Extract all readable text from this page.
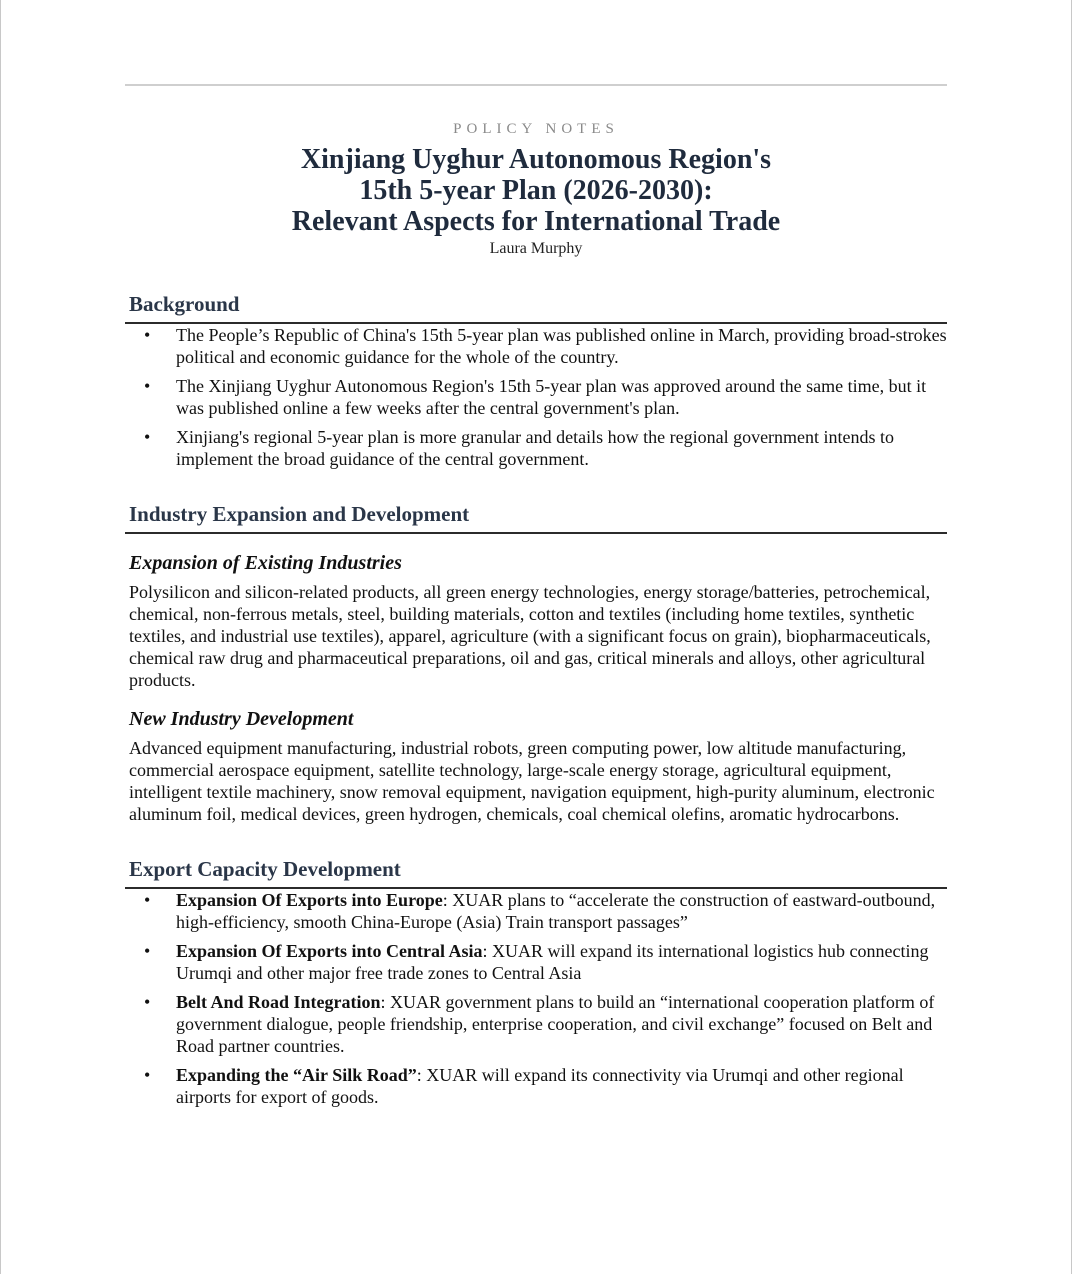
POLICY NOTES
Xinjiang Uyghur Autonomous Region's
15th 5-year Plan (2026-2030):
Relevant Aspects for International Trade
Laura Murphy
Background
• The People’s Republic of China's 15th 5-year plan was published online in March, providing broad-strokes political and economic guidance for the whole of the country.
• The Xinjiang Uyghur Autonomous Region's 15th 5-year plan was approved around the same time, but it was published online a few weeks after the central government's plan.
• Xinjiang's regional 5-year plan is more granular and details how the regional government intends to implement the broad guidance of the central government.
Industry Expansion and Development
Expansion of Existing Industries
Polysilicon and silicon-related products, all green energy technologies, energy storage/batteries, petrochemical, chemical, non-ferrous metals, steel, building materials, cotton and textiles (including home textiles, synthetic textiles, and industrial use textiles), apparel, agriculture (with a significant focus on grain), biopharmaceuticals, chemical raw drug and pharmaceutical preparations, oil and gas, critical minerals and alloys, other agricultural products.
New Industry Development
Advanced equipment manufacturing, industrial robots, green computing power, low altitude manufacturing, commercial aerospace equipment, satellite technology, large-scale energy storage, agricultural equipment, intelligent textile machinery, snow removal equipment, navigation equipment, high-purity aluminum, electronic aluminum foil, medical devices, green hydrogen, chemicals, coal chemical olefins, aromatic hydrocarbons.
Export Capacity Development
• Expansion Of Exports into Europe: XUAR plans to “accelerate the construction of eastward-outbound, high-efficiency, smooth China-Europe (Asia) Train transport passages”
• Expansion Of Exports into Central Asia: XUAR will expand its international logistics hub connecting Urumqi and other major free trade zones to Central Asia
• Belt And Road Integration: XUAR government plans to build an “international cooperation platform of government dialogue, people friendship, enterprise cooperation, and civil exchange” focused on Belt and Road partner countries.
• Expanding the “Air Silk Road”: XUAR will expand its connectivity via Urumqi and other regional airports for export of goods.
